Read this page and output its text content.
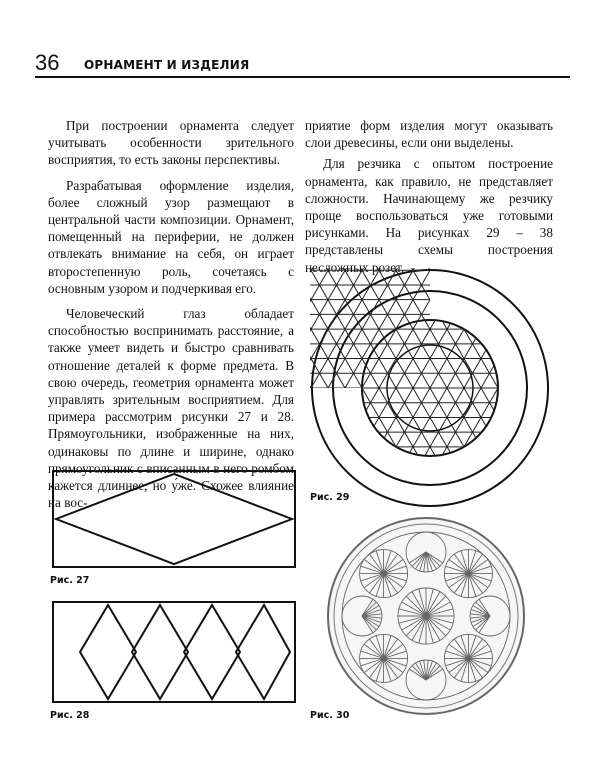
36 ОРНАМЕНТ И ИЗДЕЛИЯ

При построении орнамента следует учитывать особенности зрительного восприятия, то есть законы перспективы.

Разрабатывая оформление изделия, более сложный узор размещают в центральной части композиции. Орнамент, помещенный на периферии, не должен отвлекать внимание на себя, он играет второстепенную роль, сочетаясь с основным узором и подчеркивая его.

Человеческий глаз обладает способностью воспринимать расстояние, а также умеет видеть и быстро сравнивать отношение деталей к форме предмета. В свою очередь, геометрия орнамента может управлять зрительным восприятием. Для примера рассмотрим рисунки 27 и 28. Прямоугольники, изображенные на них, одинаковы по длине и ширине, однако прямоугольник с вписанным в него ромбом кажется длиннее, но у́же. Схожее влияние на вос-

приятие форм изделия могут оказывать слои древесины, если они выделены.

Для резчика с опытом построение орнамента, как правило, не представляет сложности. Начинающему же резчику проще воспользоваться уже готовыми рисунками. На рисунках 29 – 38 представлены схемы построения несложных розет.

Рис. 27
Рис. 28
Рис. 29
Рис. 30
